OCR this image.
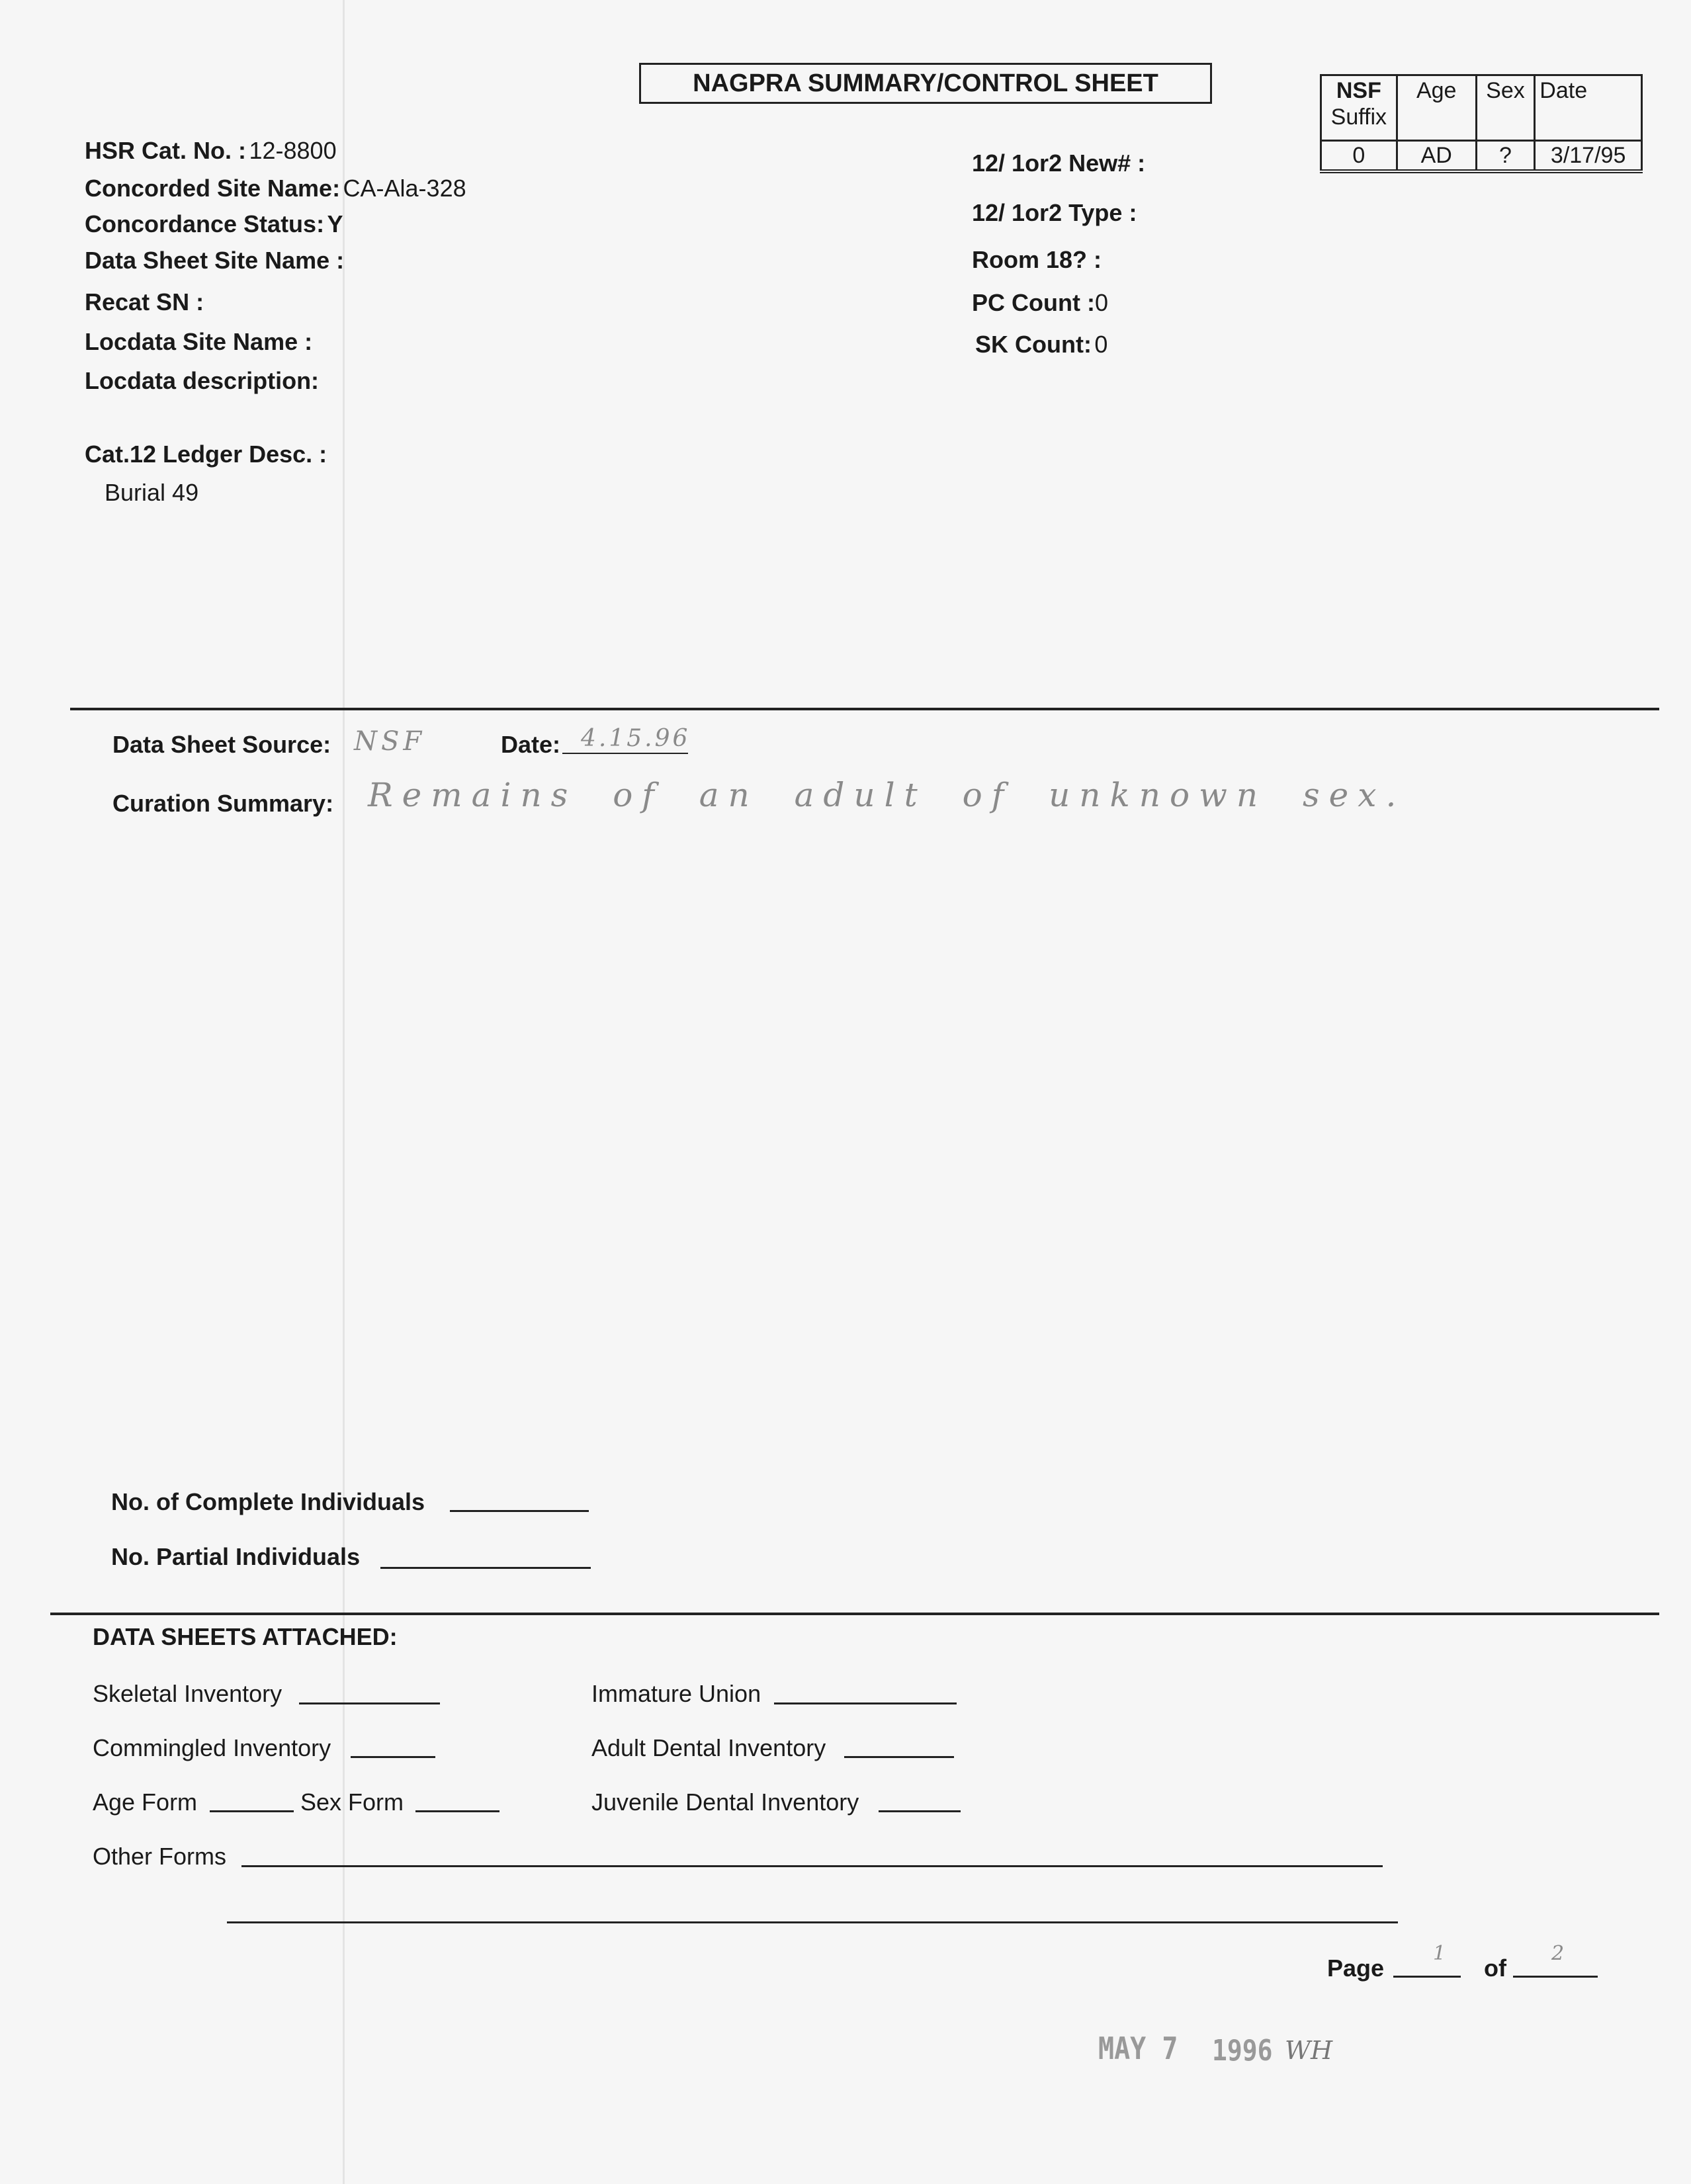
NAGPRA SUMMARY/CONTROL SHEET	NSF
Suffix	Age	Sex	Date
0	AD	?	3/17/95
HSR Cat. No. : 12-8800
Concorded Site Name: CA-Ala-328
Concordance Status: Y
Data Sheet Site Name :
Recat SN :
Locdata Site Name :
Locdata description:
Cat.12 Ledger Desc. :
Burial 49
12/ 1or2 New# :
12/ 1or2 Type :
Room 18? :
PC Count :0
SK Count: 0
Data Sheet Source: NSF	Date: 4.15.96
Curation Summary: Remains of an adult of unknown sex.
No. of Complete Individuals
No. Partial Individuals
DATA SHEETS ATTACHED:
Skeletal Inventory
Commingled Inventory
Age Form	Sex Form
Other Forms
Immature Union
Adult Dental Inventory
Juvenile Dental Inventory
Page
1
of
2
MAY 7 1996 WH
